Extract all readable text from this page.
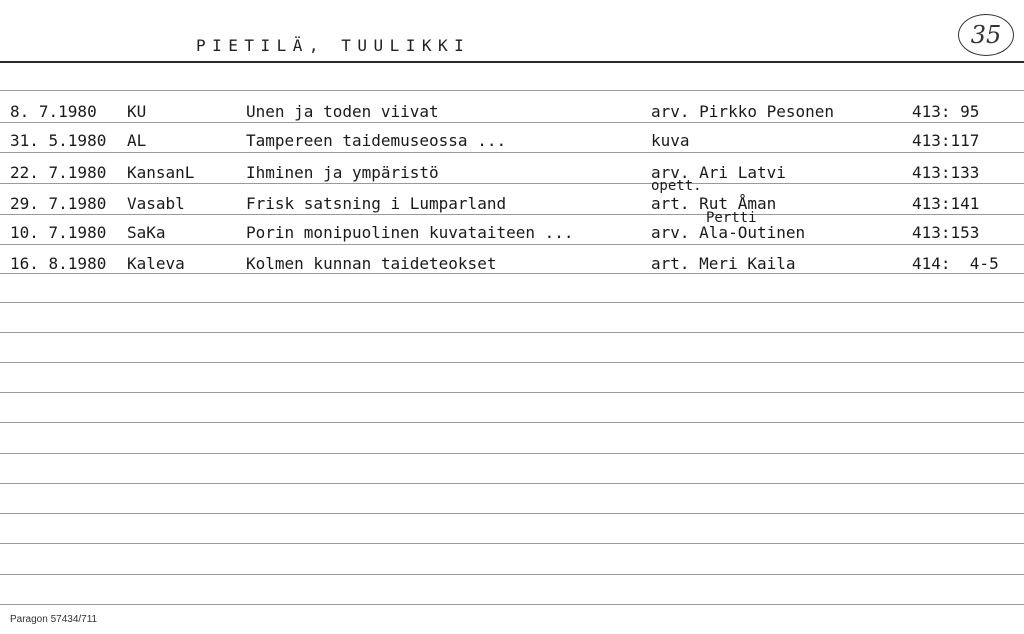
PIETILÄ, TUULIKKI	35
8. 7.1980 KU	Unen ja toden viivat	arv. Pirkko Pesonen	413: 95
31. 5.1980 AL	Tampereen taidemuseossa ...	kuva	413:117
22. 7.1980 KansanL	Ihminen ja ympäristö	arv. Ari Latvi	413:133
opett.
29. 7.1980 Vasabl	Frisk satsning i Lumparland	art. Rut Åman	413:141
Pertti
10. 7.1980 SaKa	Porin monipuolinen kuvataiteen ...	arv. Ala-Outinen	413:153
16. 8.1980 Kaleva	Kolmen kunnan taideteokset	art. Meri Kaila	414:  4-5
Paragon 57434/711
